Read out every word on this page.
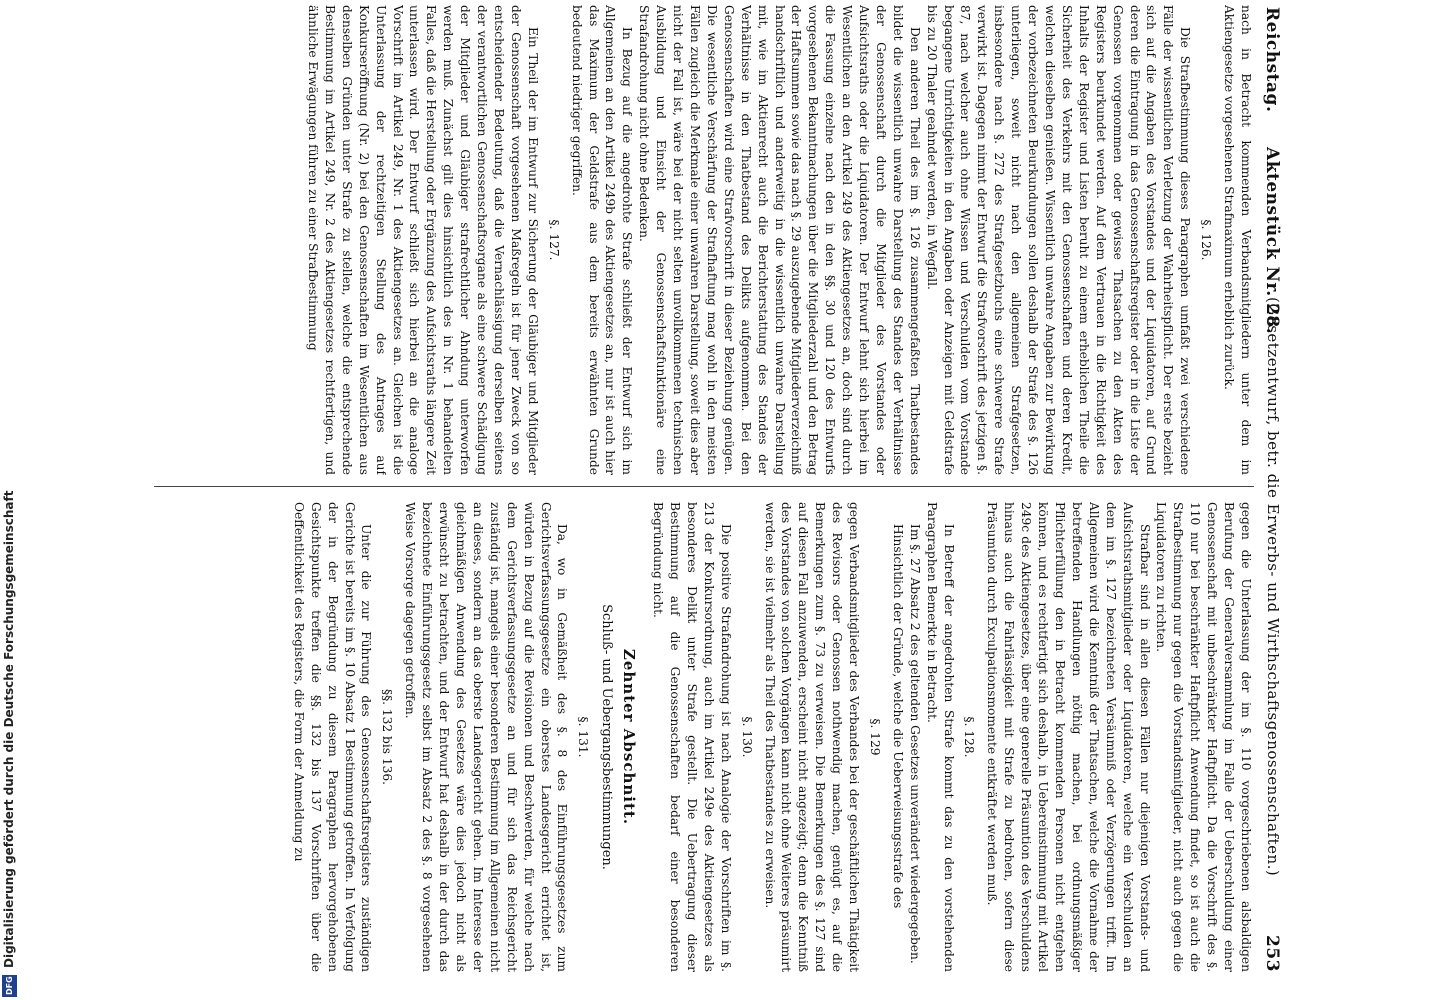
Reichstag.
Aktenstück Nr. 28.
(Gesetzentwurf, betr. die Erwerbs- und Wirthschaftsgenossenschaften.)
253

nach in Betracht kommenden Verbandsmitgliedern unter dem im Aktiengesetze vorgesehenen Strafmaximum erheblich zurück.

§. 126.

Die Strafbestimmung dieses Paragraphen umfaßt zwei verschiedene Fälle der wissentlichen Verletzung der Wahrheitspflicht. Der erste bezieht sich auf die Angaben des Vorstandes und der Liquidatoren, auf Grund deren die Eintragung in das Genossenschaftsregister oder in die Liste der Genossen vorgenommen oder gewisse Thatsachen zu den Akten des Registers beurkundet werden. Auf dem Vertrauen in die Richtigkeit des Inhalts der Register und Listen beruht zu einem erheblichen Theile die Sicherheit des Verkehrs mit den Genossenschaften und deren Kredit, welchen dieselben genießen. Wissentlich unwahre Angaben zur Bewirkung der vorbezeichneten Beurkundungen sollen deshalb der Strafe des §. 126 unterliegen, soweit nicht nach den allgemeinen Strafgesetzen, insbesondere nach §. 272 des Strafgesetzbuchs eine schwerere Strafe verwirkt ist. Dagegen nimmt der Entwurf die Strafvorschrift des jetzigen §. 87, nach welcher auch ohne Wissen und Verschulden vom Vorstande begangene Unrichtigkeiten in den Angaben oder Anzeigen mit Geldstrafe bis zu 20 Thaler geahndet werden, in Wegfall.

Den anderen Theil des im §. 126 zusammengefaßten Thatbestandes bildet die wissentlich unwahre Darstellung des Standes der Verhältnisse der Genossenschaft durch die Mitglieder des Vorstandes oder Aufsichtsraths oder die Liquidatoren. Der Entwurf lehnt sich hierbei im Wesentlichen an den Artikel 249 des Aktiengesetzes an, doch sind durch die Fassung einzelne nach den in den §§. 30 und 120 des Entwurfs vorgesehenen Bekanntmachungen über die Mitgliederzahl und den Betrag der Haftsummen sowie das nach §. 29 auszugebende Mitgliederverzeichniß handschriftlich und anderweitig in die wissentlich unwahre Darstellung mit, wie im Aktienrecht auch die Berichterstattung des Standes der Verhältnisse in den Thatbestand des Delikts aufgenommen. Bei den Genossenschaften wird eine Strafvorschrift in dieser Beziehung genügen. Die wesentliche Verschärfung der Strafhaftung mag wohl in den meisten Fällen zugleich die Merkmale einer unwahren Darstellung, soweit dies aber nicht der Fall ist, wäre bei der nicht selten unvollkommenen technischen Ausbildung und Einsicht der Genossenschaftsfunktionäre eine Strafandrohung nicht ohne Bedenken.

In Bezug auf die angedrohte Strafe schließt der Entwurf sich im Allgemeinen an den Artikel 249b des Aktiengesetzes an, nur ist auch hier das Maximum der Geldstrafe aus dem bereits erwähnten Grunde bedeutend niedriger gegriffen.

§. 127.

Ein Theil der im Entwurf zur Sicherung der Gläubiger und Mitglieder der Genossenschaft vorgesehenen Maßregeln ist für jener Zweck von so entscheidender Bedeutung, daß die Vernachlässigung derselben seitens der verantwortlichen Genossenschaftsorgane als eine schwere Schädigung der Mitglieder und Gläubiger strafrechtlicher Ahndung unterworfen werden muß. Zunächst gilt dies hinsichtlich des in Nr. 1 behandelten Falles, daß die Herstellung oder Ergänzung des Aufsichtsraths längere Zeit unterlassen wird. Der Entwurf schließt sich hierbei an die analoge Vorschrift im Artikel 249, Nr. 1 des Aktiengesetzes an. Gleichen ist die Unterlassung der rechtzeitigen Stellung des Antrages auf Konkurseröffnung (Nr. 2) bei den Genossenschaften im Wesentlichen aus denselben Gründen unter Strafe zu stellen, welche die entsprechende Bestimmung im Artikel 249, Nr. 2 des Aktiengesetzes rechtfertigen, und ähnliche Erwägungen führen zu einer Strafbestimmung

gegen die Unterlassung der im §. 110 vorgeschriebenen alsbaldigen Berufung der Generalversammlung im Falle der Ueberschuldung einer Genossenschaft mit unbeschränkter Haftpflicht. Da die Vorschrift des §. 110 nur bei beschränkter Haftpflicht Anwendung findet, so ist auch die Strafbestimmung nur gegen die Vorstandsmitglieder, nicht auch gegen die Liquidatoren zu richten.

Strafbar sind in allen diesen Fällen nur diejenigen Vorstands- und Aufsichtsrathsmitglieder oder Liquidatoren, welche ein Verschulden an dem im §. 127 bezeichneten Versäumniß oder Verzögerungen trifft. Im Allgemeinen wird die Kenntniß der Thatsachen, welche die Vornahme der betreffenden Handlungen nöthig machen, bei ordnungsmäßiger Pflichterfüllung den in Betracht kommenden Personen nicht entgehen können, und es rechtfertigt sich deshalb, in Uebereinstimmung mit Artikel 249c des Aktiengesetzes, über eine generelle Präsumtion des Verschuldens hinaus auch die Fahrlässigkeit mit Strafe zu bedrohen, sofern diese Präsumtion durch Exculpationsmomente entkräftet werden muß.

§. 128.

In Betreff der angedrohten Strafe kommt das zu den vorstehenden Paragraphen Bemerkte in Betracht.

Im §. 27 Absatz 2 des geltenden Gesetzes unverändert wiedergegeben.

Hinsichtlich der Gründe, welche die Ueberweisungsstrafe des

§. 129

gegen Verbandsmitglieder des Verbandes bei der geschäftlichen Thätigkeit des Revisors oder Genossen nothwendig machen, genügt es, auf die Bemerkungen zum §. 73 zu verweisen. Die Bemerkungen des §. 127 sind auf diesen Fall anzuwenden, erscheint nicht angezeigt; denn die Kenntniß des Vorstandes von solchen Vorgängen kann nicht ohne Weiteres präsumirt werden, sie ist vielmehr als Theil des Thatbestandes zu erweisen.

§. 130.

Die positive Strafandrohung ist nach Analogie der Vorschriften im §. 213 der Konkursordnung, auch im Artikel 249e des Aktiengesetzes als besonderes Delikt unter Strafe gestellt. Die Uebertragung dieser Bestimmung auf die Genossenschaften bedarf einer besonderen Begründung nicht.

Zehnter Abschnitt.
Schluß- und Uebergangsbestimmungen.
§. 131.

Da, wo in Gemäßheit des §. 8 des Einführungsgesetzes zum Gerichtsverfassungsgesetze ein oberstes Landesgericht errichtet ist, würden in Bezug auf die Revisionen und Beschwerden, für welche nach dem Gerichtsverfassungsgesetze an und für sich das Reichsgericht zuständig ist, mangels einer besonderen Bestimmung im Allgemeinen nicht an dieses, sondern an das oberste Landesgericht gehen. Im Interesse der gleichmäßigen Anwendung des Gesetzes wäre dies jedoch nicht als erwünscht zu betrachten, und der Entwurf hat deshalb in der durch das bezeichnete Einführungsgesetz selbst im Absatz 2 des §. 8 vorgesehenen Weise Vorsorge dagegen getroffen.

§§. 132 bis 136.

Unter die zur Führung des Genossenschaftsregisters zuständigen Gerichte ist bereits im §. 10 Absatz 1 Bestimmung getroffen. In Verfolgung der in der Begründung zu diesem Paragraphen hervorgehobenen Gesichtspunkte treffen die §§. 132 bis 137 Vorschriften über die Oeffentlichkeit des Registers, die Form der Anmeldung zu

Digitalisierung gefördert durch die Deutsche Forschungsgemeinschaft
DFG
